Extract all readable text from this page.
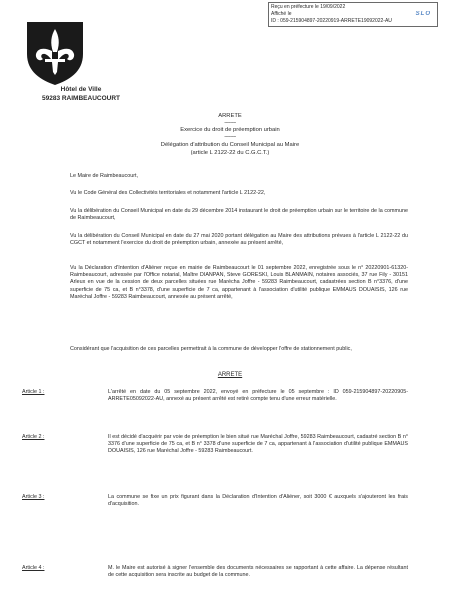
Reçu en préfecture le 19/09/2022
Affiché le	SLO
ID : 059-215904897-20220919-ARRETE19092022-AU
Hôtel de Ville
59283 RAIMBEAUCOURT
ARRETE
--------
Exercice du droit de préemption urbain
--------
Délégation d'attribution du Conseil Municipal au Maire
(article L 2122-22 du C.G.C.T.)
Le Maire de Raimbeaucourt,
Vu le Code Général des Collectivités territoriales et notamment l'article L 2122-22,
Vu la délibération du Conseil Municipal en date du 29 décembre 2014 instaurant le droit de préemption urbain sur le territoire de la commune de Raimbeaucourt,
Vu la délibération du Conseil Municipal en date du 27 mai 2020 portant délégation au Maire des attributions prévues à l'article L 2122-22 du CGCT et notamment l'exercice du droit de préemption urbain, annexée au présent arrêté,
Vu la Déclaration d'Intention d'Aliéner reçue en mairie de Raimbeaucourt le 01 septembre 2022, enregistrée sous le n° 20220901-61320-Raimbeaucourt, adressée par l'Office notarial, Maître DIANPAN, Steve GORESKI, Louis BLANMAIN, notaires associés, 37 rue Fily - 30151 Arleux en vue de la cession de deux parcelles situées rue Marécha Joffre - 59283 Raimbeaucourt, cadastrées section B n°3376, d'une superficie de 75 ca, et B n°3378, d'une superficie de 7 ca, appartenant à l'association d'utilité publique EMMAUS DOUAISIS, 126 rue Maréchal Joffre - 59283 Raimbeaucourt, annexée au présent arrêté,
Considérant que l'acquisition de ces parcelles permettrait à la commune de développer l'offre de stationnement public,
ARRETE
Article 1 :	L'arrêté en date du 05 septembre 2022, envoyé en préfecture le 05 septembre : ID 059-215904897-20220905- ARRETE05092022-AU, annexé au présent arrêté est retiré compte tenu d'une erreur matérielle.
Article 2 :	Il est décidé d'acquérir par voie de préemption le bien situé rue Maréchal Joffre, 59283 Raimbeaucourt, cadastré section B n° 3376 d'une superficie de 75 ca, et B n° 3378 d'une superficie de 7 ca, appartenant à l'association d'utilité publique EMMAUS DOUAISIS, 126 rue Maréchal Joffre - 59283 Raimbeaucourt.
Article 3 :	La commune se fixe un prix figurant dans la Déclaration d'Intention d'Aliéner, soit 3000 € auxquels s'ajouteront les frais d'acquisition.
Article 4 :	M. le Maire est autorisé à signer l'ensemble des documents nécessaires se rapportant à cette affaire. La dépense résultant de cette acquisition sera inscrite au budget de la commune.
